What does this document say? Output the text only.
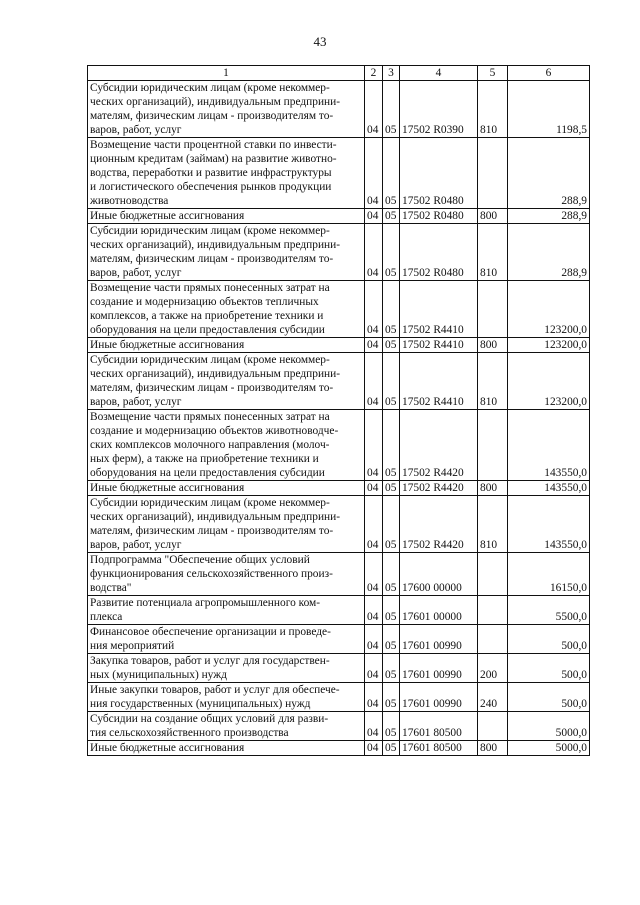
43
1	2	3	4	5	6
Субсидии юридическим лицам (кроме некоммер-
ческих организаций), индивидуальным предприни-
мателям, физическим лицам - производителям то-
варов, работ, услуг	04	05	17502 R0390	810	1198,5
Возмещение части процентной ставки по инвести-
ционным кредитам (займам) на развитие животно-
водства, переработки и развитие инфраструктуры
и логистического обеспечения рынков продукции
животноводства	04	05	17502 R0480		288,9
Иные бюджетные ассигнования	04	05	17502 R0480	800	288,9
Субсидии юридическим лицам (кроме некоммер-
ческих организаций), индивидуальным предприни-
мателям, физическим лицам - производителям то-
варов, работ, услуг	04	05	17502 R0480	810	288,9
Возмещение части прямых понесенных затрат на
создание и модернизацию объектов тепличных
комплексов, а также на приобретение техники и
оборудования на цели предоставления субсидии	04	05	17502 R4410		123200,0
Иные бюджетные ассигнования	04	05	17502 R4410	800	123200,0
Субсидии юридическим лицам (кроме некоммер-
ческих организаций), индивидуальным предприни-
мателям, физическим лицам - производителям то-
варов, работ, услуг	04	05	17502 R4410	810	123200,0
Возмещение части прямых понесенных затрат на
создание и модернизацию объектов животноводче-
ских комплексов молочного направления (молоч-
ных ферм), а также на приобретение техники и
оборудования на цели предоставления субсидии	04	05	17502 R4420		143550,0
Иные бюджетные ассигнования	04	05	17502 R4420	800	143550,0
Субсидии юридическим лицам (кроме некоммер-
ческих организаций), индивидуальным предприни-
мателям, физическим лицам - производителям то-
варов, работ, услуг	04	05	17502 R4420	810	143550,0
Подпрограмма "Обеспечение общих условий
функционирования сельскохозяйственного произ-
водства"	04	05	17600 00000		16150,0
Развитие потенциала агропромышленного ком-
плекса	04	05	17601 00000		5500,0
Финансовое обеспечение организации и проведе-
ния мероприятий	04	05	17601 00990		500,0
Закупка товаров, работ и услуг для государствен-
ных (муниципальных) нужд	04	05	17601 00990	200	500,0
Иные закупки товаров, работ и услуг для обеспече-
ния государственных (муниципальных) нужд	04	05	17601 00990	240	500,0
Субсидии на создание общих условий для разви-
тия сельскохозяйственного производства	04	05	17601 80500		5000,0
Иные бюджетные ассигнования	04	05	17601 80500	800	5000,0
